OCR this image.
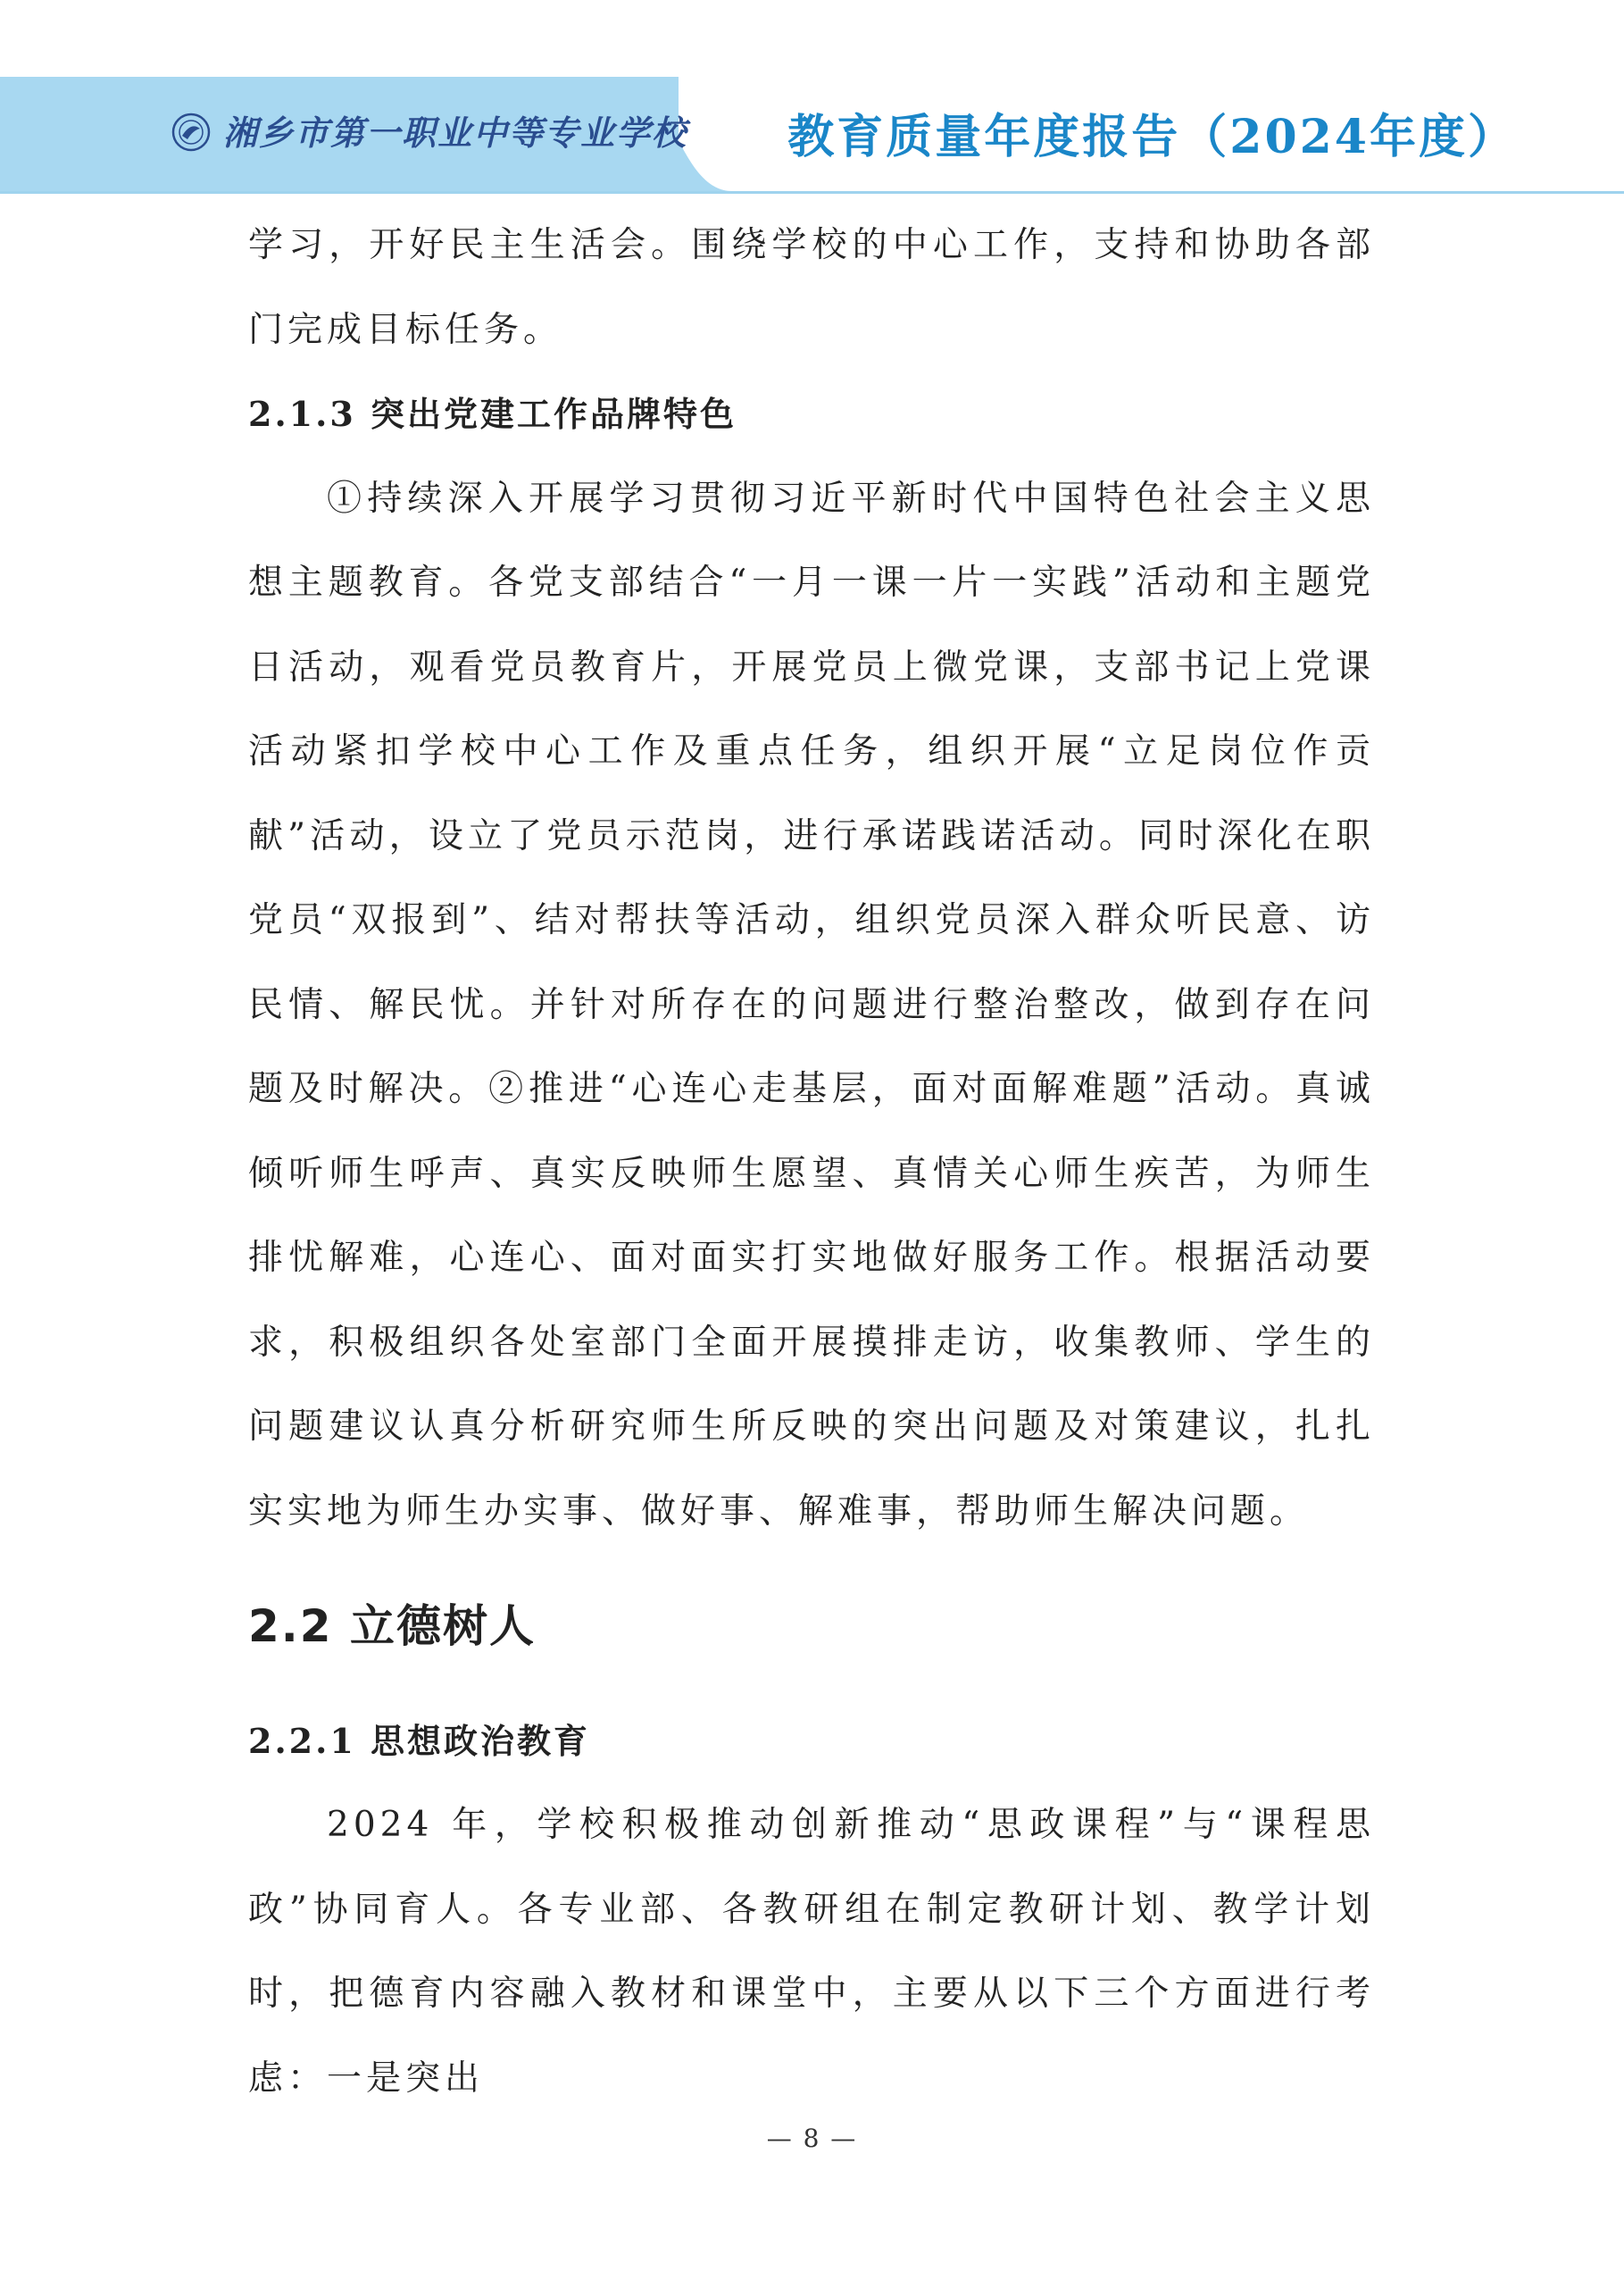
湘乡市第一职业中等专业学校 教育质量年度报告（2024年度）

学习，开好民主生活会。围绕学校的中心工作，支持和协助各部门完成目标任务。

2.1.3 突出党建工作品牌特色

①持续深入开展学习贯彻习近平新时代中国特色社会主义思想主题教育。各党支部结合“一月一课一片一实践”活动和主题党日活动，观看党员教育片，开展党员上微党课，支部书记上党课活动紧扣学校中心工作及重点任务，组织开展“立足岗位作贡献”活动，设立了党员示范岗，进行承诺践诺活动。同时深化在职党员“双报到”、结对帮扶等活动，组织党员深入群众听民意、访民情、解民忧。并针对所存在的问题进行整治整改，做到存在问题及时解决。②推进“心连心走基层，面对面解难题”活动。真诚倾听师生呼声、真实反映师生愿望、真情关心师生疾苦，为师生排忧解难，心连心、面对面实打实地做好服务工作。根据活动要求，积极组织各处室部门全面开展摸排走访，收集教师、学生的问题建议认真分析研究师生所反映的突出问题及对策建议，扎扎实实地为师生办实事、做好事、解难事，帮助师生解决问题。

2.2 立德树人

2.2.1 思想政治教育

2024 年，学校积极推动创新推动“思政课程”与“课程思政”协同育人。各专业部、各教研组在制定教研计划、教学计划时，把德育内容融入教材和课堂中，主要从以下三个方面进行考虑：一是突出

— 8 —
